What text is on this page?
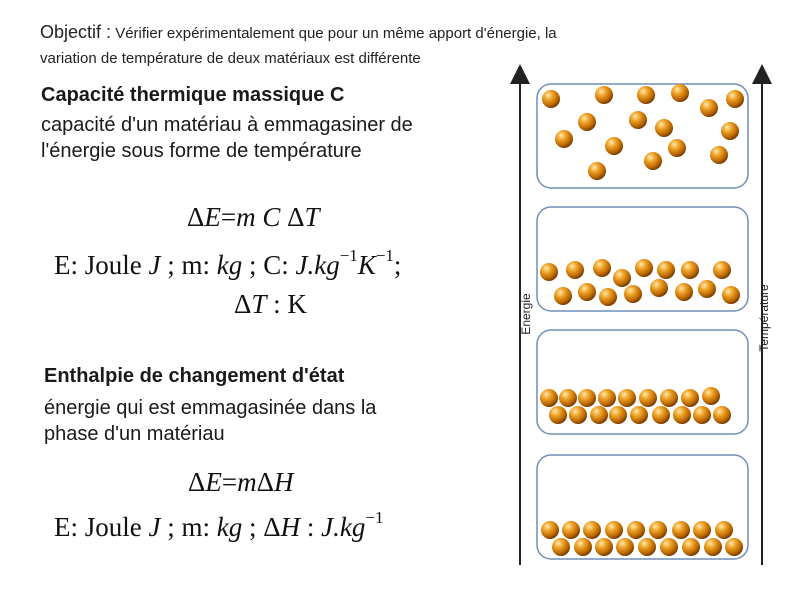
Objectif : Vérifier expérimentalement que pour un même apport d'énergie, la
variation de température de deux matériaux est différente
Capacité thermique massique C
capacité d'un matériau à emmagasiner de
l'énergie sous forme de température
ΔE=m C ΔT
E: Joule J ; m: kg ; C: $J.kg^{-1}K^{-1}$;
ΔT : K
Enthalpie de changement d'état
énergie qui est emmagasinée dans la
phase d'un matériau
ΔE=mΔH
E: Joule J ; m: kg ; ΔH : $J.kg^{-1}$
Energie	Température
